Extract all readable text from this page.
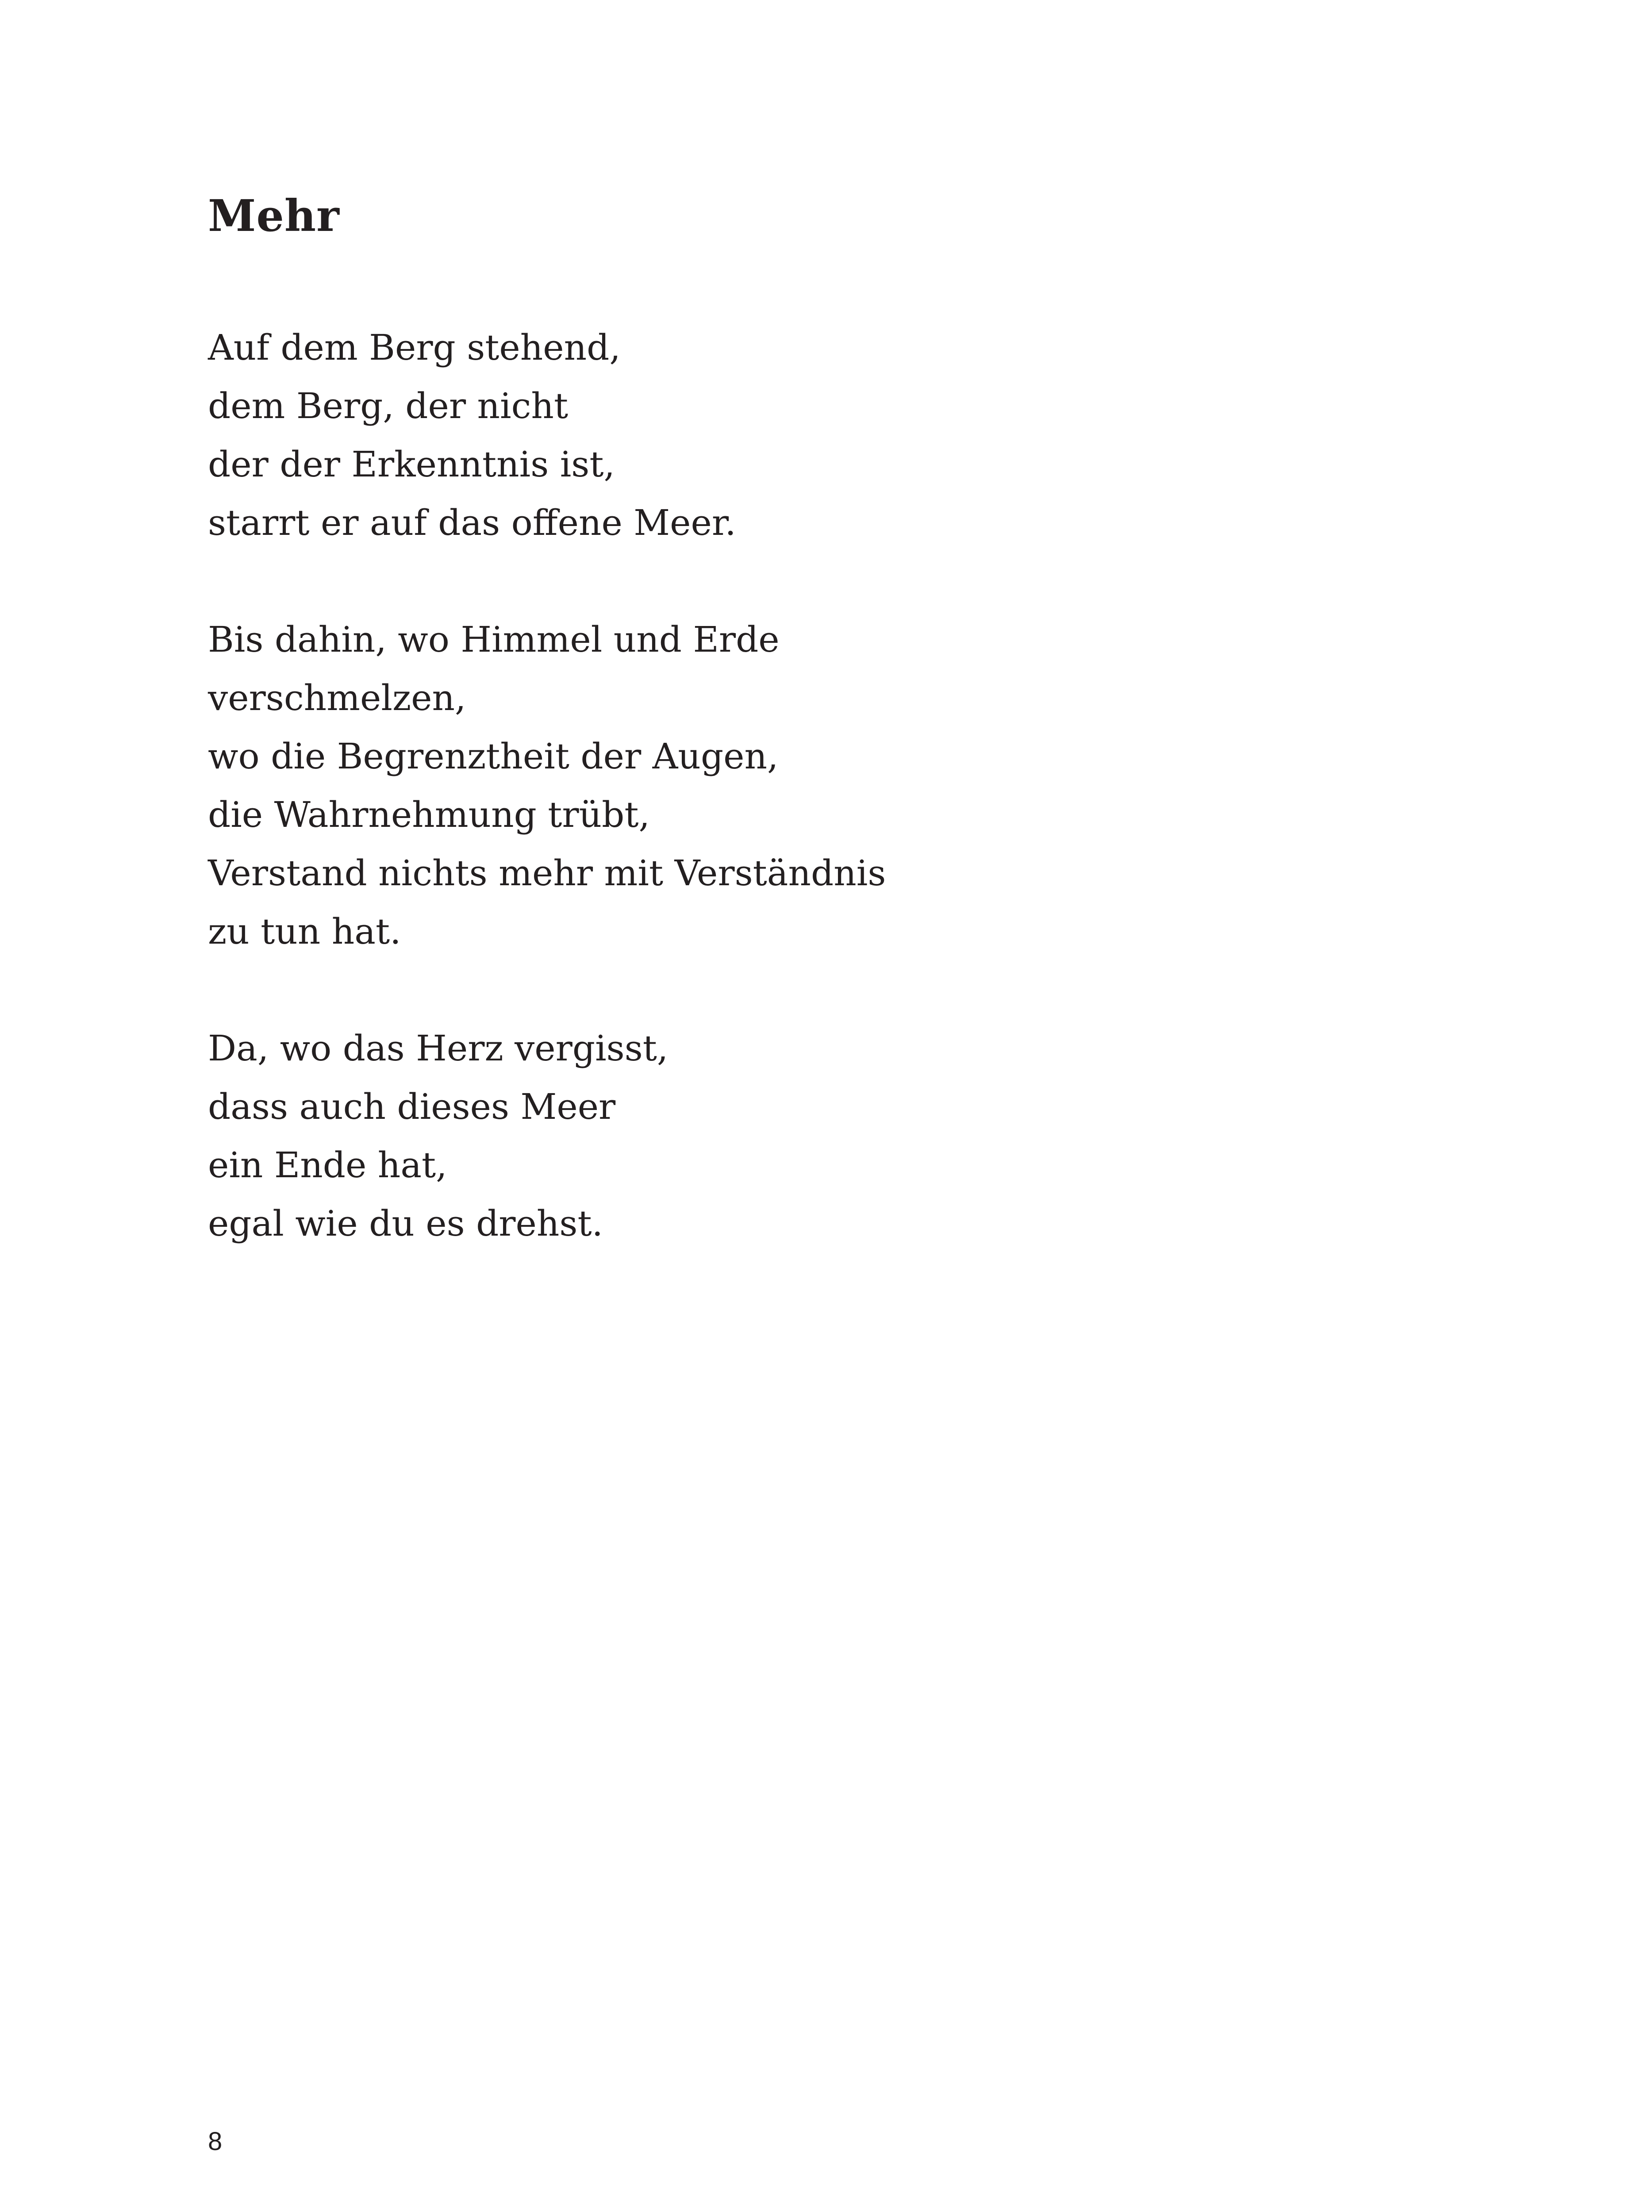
Mehr
Auf dem Berg stehend,
dem Berg, der nicht
der der Erkenntnis ist,
starrt er auf das offene Meer.
Bis dahin, wo Himmel und Erde
verschmelzen,
wo die Begrenztheit der Augen,
die Wahrnehmung trübt,
Verstand nichts mehr mit Verständnis
zu tun hat.
Da, wo das Herz vergisst,
dass auch dieses Meer
ein Ende hat,
egal wie du es drehst.
8
